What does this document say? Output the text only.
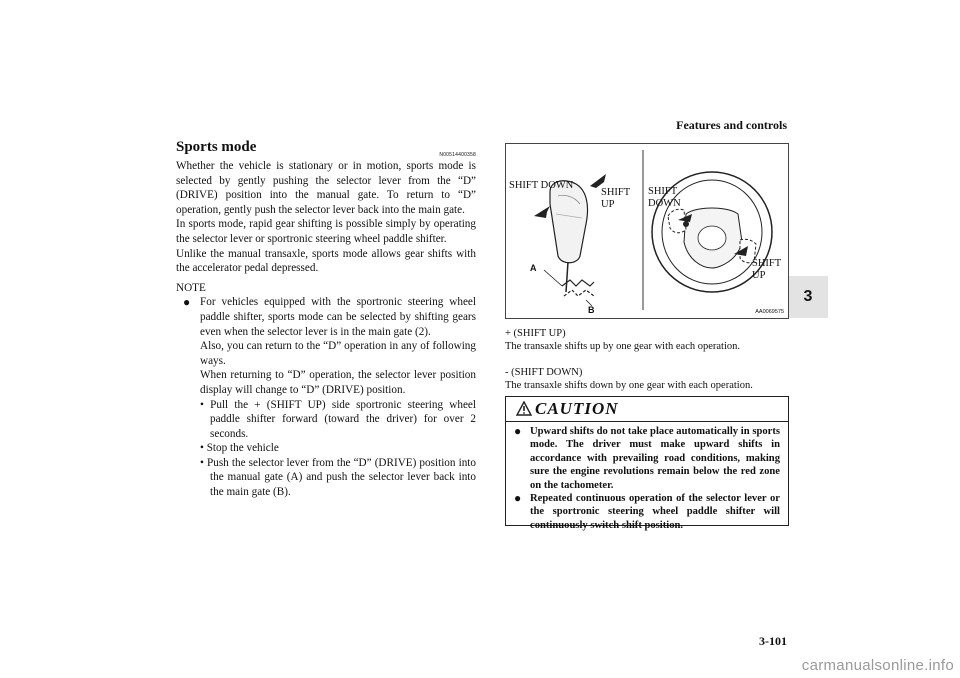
Features and controls
3-101
3
Sports mode	N00514400358

Whether the vehicle is stationary or in motion, sports mode is selected by gently pushing the selector lever from the “D” (DRIVE) position into the manual gate. To return to “D” operation, gently push the selector lever back into the main gate.

In sports mode, rapid gear shifting is possible simply by operating the selector lever or sportronic steering wheel paddle shifter.

Unlike the manual transaxle, sports mode allows gear shifts with the accelerator pedal depressed.

NOTE
● For vehicles equipped with the sportronic steering wheel paddle shifter, sports mode can be selected by shifting gears even when the selector lever is in the main gate (2).

Also, you can return to the “D” operation in any of following ways.

When returning to “D” operation, the selector lever position display will change to “D” (DRIVE) position.

• Pull the + (SHIFT UP) side sportronic steering wheel paddle shifter forward (toward the driver) for over 2 seconds.
• Stop the vehicle
• Push the selector lever from the “D” (DRIVE) position into the manual gate (A) and push the selector lever back into the main gate (B).
SHIFT DOWN
SHIFT UP
SHIFT DOWN
SHIFT UP
A
B	AA0069575
+ (SHIFT UP)
The transaxle shifts up by one gear with each operation.
- (SHIFT DOWN)
The transaxle shifts down by one gear with each operation.
CAUTION
● Upward shifts do not take place automatically in sports mode. The driver must make upward shifts in accordance with prevailing road conditions, making sure the engine revolutions remain below the red zone on the tachometer.
● Repeated continuous operation of the selector lever or the sportronic steering wheel paddle shifter will continuously switch shift position.
carmanualsonline.info
